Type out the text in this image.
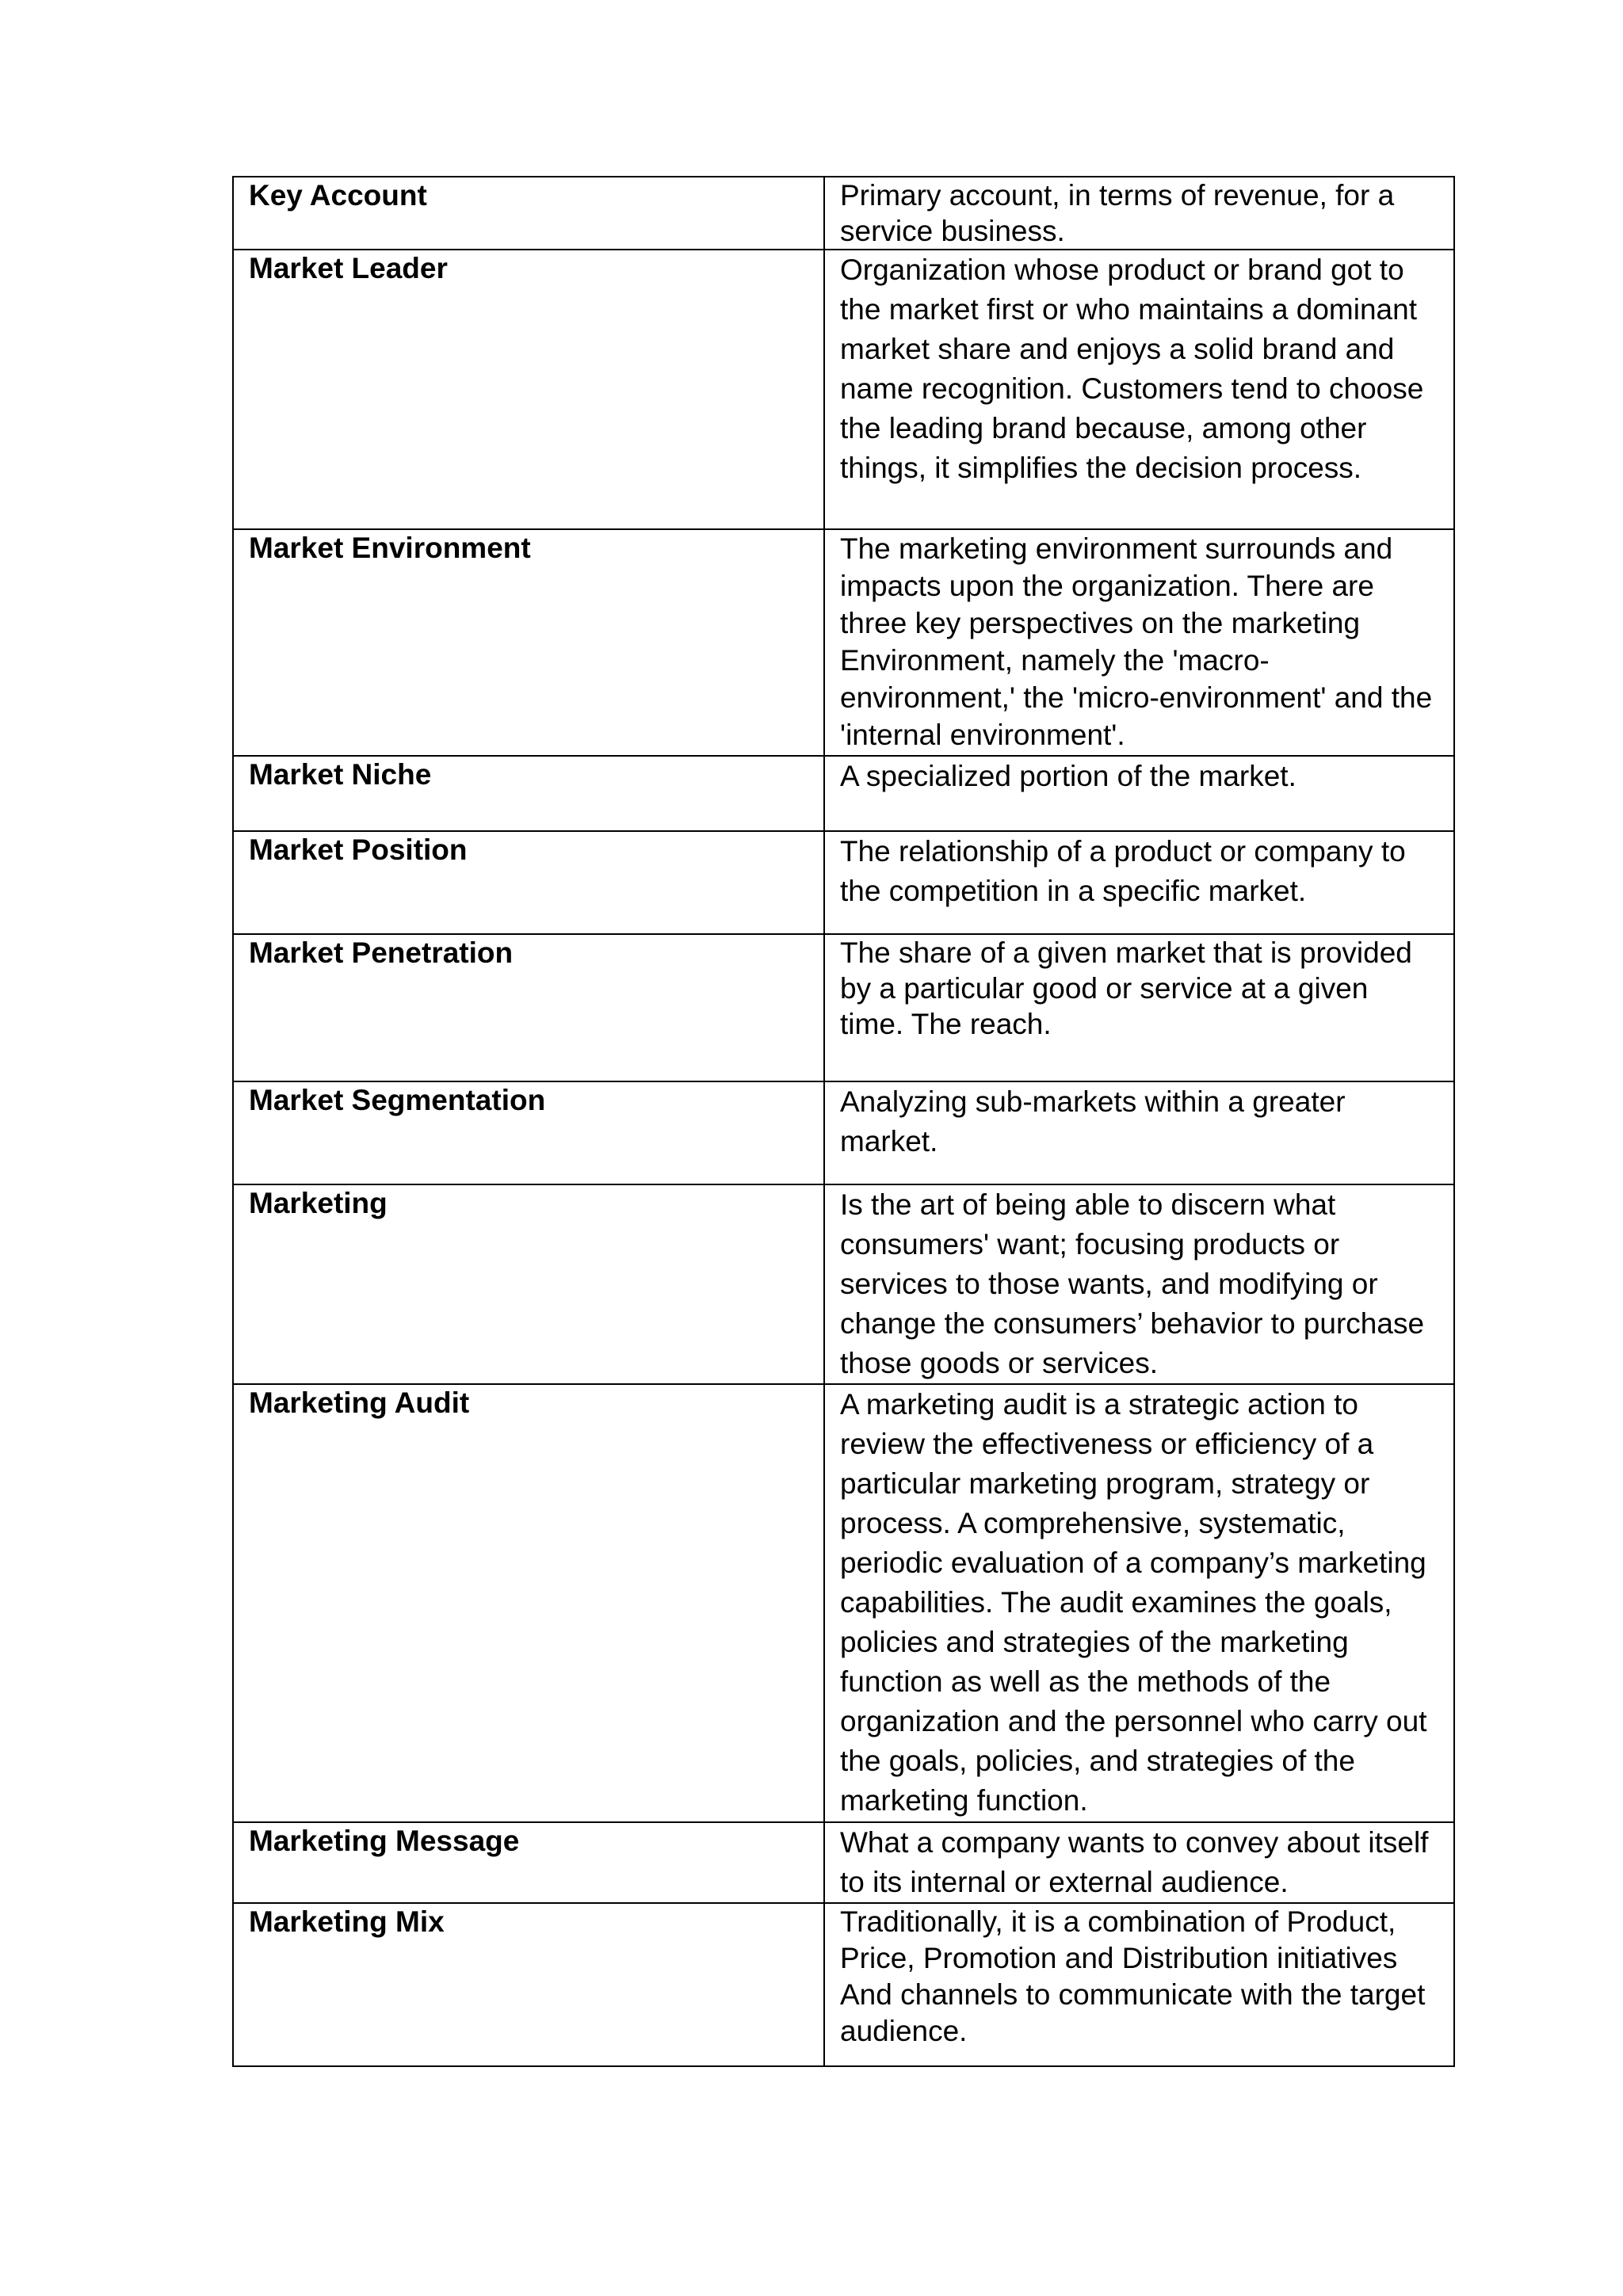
Key Account	Primary account, in terms of revenue, for a service business.
Market Leader	Organization whose product or brand got to the market first or who maintains a dominant market share and enjoys a solid brand and name recognition. Customers tend to choose the leading brand because, among other things, it simplifies the decision process.
Market Environment	The marketing environment surrounds and impacts upon the organization. There are three key perspectives on the marketing Environment, namely the 'macro-environment,' the 'micro-environment' and the 'internal environment'.
Market Niche	A specialized portion of the market.
Market Position	The relationship of a product or company to the competition in a specific market.
Market Penetration	The share of a given market that is provided by a particular good or service at a given time. The reach.
Market Segmentation	Analyzing sub-markets within a greater market.
Marketing	Is the art of being able to discern what consumers' want; focusing products or services to those wants, and modifying or change the consumers’ behavior to purchase those goods or services.
Marketing Audit	A marketing audit is a strategic action to review the effectiveness or efficiency of a particular marketing program, strategy or process. A comprehensive, systematic, periodic evaluation of a company’s marketing capabilities. The audit examines the goals, policies and strategies of the marketing function as well as the methods of the organization and the personnel who carry out the goals, policies, and strategies of the marketing function.
Marketing Message	What a company wants to convey about itself to its internal or external audience.
Marketing Mix	Traditionally, it is a combination of Product, Price, Promotion and Distribution initiatives And channels to communicate with the target audience.
